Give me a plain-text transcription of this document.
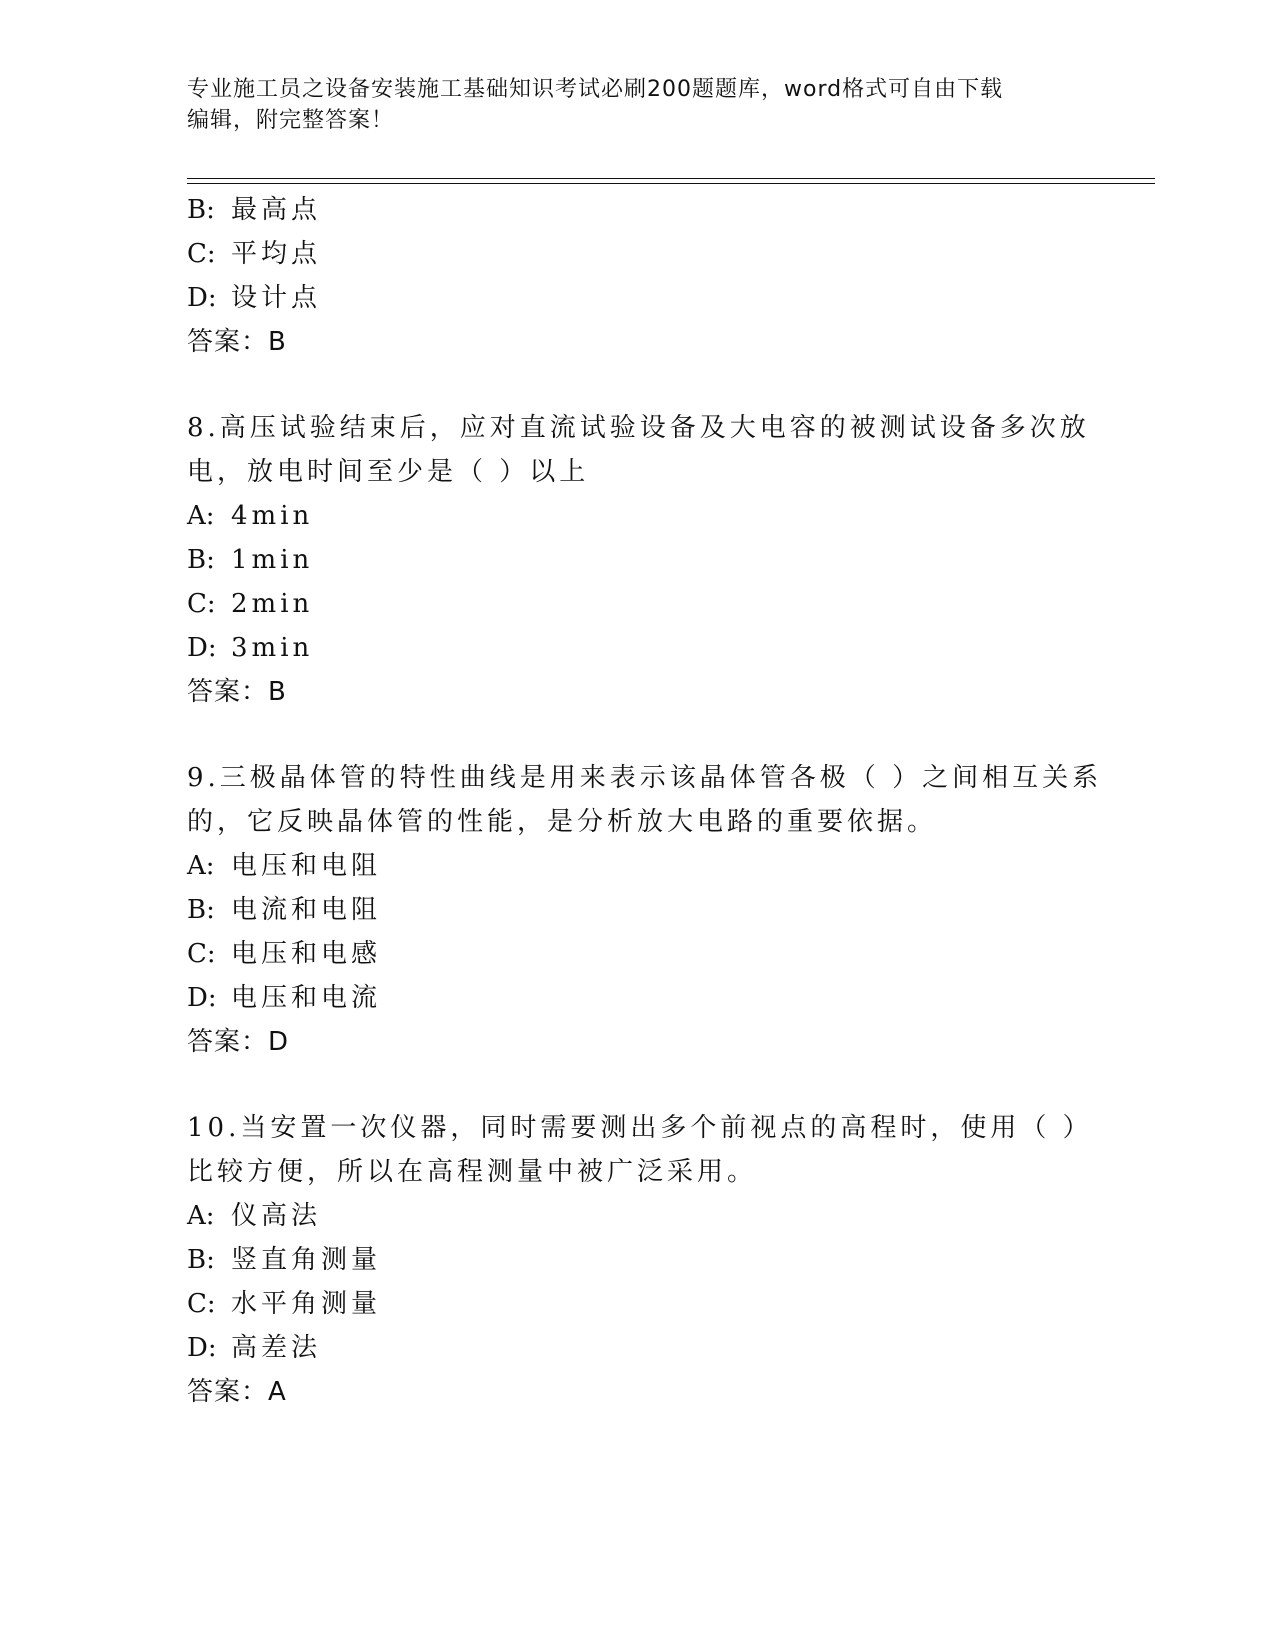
专业施工员之设备安装施工基础知识考试必刷200题题库，word格式可自由下载
编辑，附完整答案！
B: 最高点
C: 平均点
D: 设计点
答案：B
8.高压试验结束后，应对直流试验设备及大电容的被测试设备多次放
电，放电时间至少是（ ）以上
A: 4min
B: 1min
C: 2min
D: 3min
答案：B
9.三极晶体管的特性曲线是用来表示该晶体管各极（ ）之间相互关系
的，它反映晶体管的性能，是分析放大电路的重要依据。
A: 电压和电阻
B: 电流和电阻
C: 电压和电感
D: 电压和电流
答案：D
10.当安置一次仪器，同时需要测出多个前视点的高程时，使用（ ）
比较方便，所以在高程测量中被广泛采用。
A: 仪高法
B: 竖直角测量
C: 水平角测量
D: 高差法
答案：A
